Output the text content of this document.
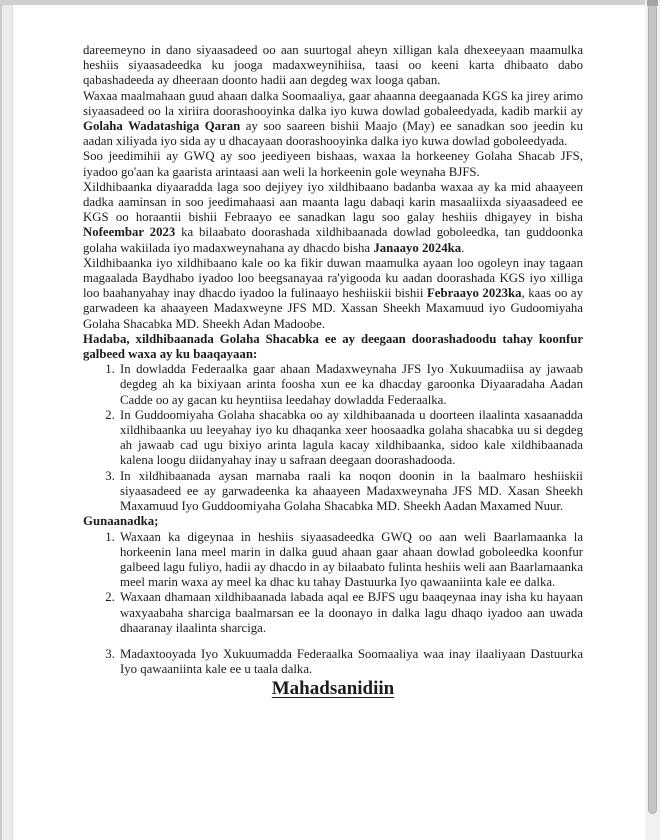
dareemeyno in dano siyaasadeed oo aan suurtogal aheyn xilligan kala dhexeeyaan maamulka heshiis siyaasadeedka ku jooga madaxweynihiisa, taasi oo keeni karta dhibaato dabo qabashadeeda ay dheeraan doonto hadii aan degdeg wax looga qaban.

Waxaa maalmahaan guud ahaan dalka Soomaaliya, gaar ahaanna deegaanada KGS ka jirey arimo siyaasadeed oo la xiriira doorashooyinka dalka iyo kuwa dowlad gobaleedyada, kadib markii ay Golaha Wadatashiga Qaran ay soo saareen bishii Maajo (May) ee sanadkan soo jeedin ku aadan xiliyada iyo sida ay u dhacayaan doorashooyinka dalka iyo kuwa dowlad goboleedyada.

Soo jeedimihii ay GWQ ay soo jeediyeen bishaas, waxaa la horkeeney Golaha Shacab JFS, iyadoo go'aan ka gaarista arintaasi aan weli la horkeenin gole weynaha BJFS.

Xildhibaanka diyaaradda laga soo dejiyey iyo xildhibaano badanba waxaa ay ka mid ahaayeen dadka aaminsan in soo jeedimahaasi aan maanta lagu dabaqi karin masaaliixda siyaasadeed ee KGS oo horaantii bishii Febraayo ee sanadkan lagu soo galay heshiis dhigayey in bisha Nofeembar 2023 ka bilaabato doorashada xildhibaanada dowlad goboleedka, tan guddoonka golaha wakiilada iyo madaxweynahana ay dhacdo bisha Janaayo 2024ka.

Xildhibaanka iyo xildhibaano kale oo ka fikir duwan maamulka ayaan loo ogoleyn inay tagaan magaalada Baydhabo iyadoo loo beegsanayaa ra'yigooda ku aadan doorashada KGS iyo xilliga loo baahanyahay inay dhacdo iyadoo la fulinaayo heshiiskii bishii Febraayo 2023ka, kaas oo ay garwadeen ka ahaayeen Madaxweyne JFS MD. Xassan Sheekh Maxamuud iyo Gudoomiyaha Golaha Shacabka MD. Sheekh Adan Madoobe.

Hadaba, xildhibaanada Golaha Shacabka ee ay deegaan doorashadoodu tahay koonfur galbeed waxa ay ku baaqayaan:

1. In dowladda Federaalka gaar ahaan Madaxweynaha JFS Iyo Xukuumadiisa ay jawaab degdeg ah ka bixiyaan arinta foosha xun ee ka dhacday garoonka Diyaaradaha Aadan Cadde oo ay gacan ku heyntiisa leedahay dowladda Federaalka.
2. In Guddoomiyaha Golaha shacabka oo ay xildhibaanada u doorteen ilaalinta xasaanadda xildhibaanka uu leeyahay iyo ku dhaqanka xeer hoosaadka golaha shacabka uu si degdeg ah jawaab cad ugu bixiyo arinta lagula kacay xildhibaanka, sidoo kale xildhibaanada kalena loogu diidanyahay inay u safraan deegaan doorashadooda.
3. In xildhibaanada aysan marnaba raali ka noqon doonin in la baalmaro heshiiskii siyaasadeed ee ay garwadeenka ka ahaayeen Madaxweynaha JFS MD. Xasan Sheekh Maxamuud Iyo Guddoomiyaha Golaha Shacabka MD. Sheekh Aadan Maxamed Nuur.

Gunaanadka;

1. Waxaan ka digeynaa in heshiis siyaasadeedka GWQ oo aan weli Baarlamaanka la horkeenin lana meel marin in dalka guud ahaan gaar ahaan dowlad goboleedka koonfur galbeed lagu fuliyo, hadii ay dhacdo in ay bilaabato fulinta heshiis weli aan Baarlamaanka meel marin waxa ay meel ka dhac ku tahay Dastuurka Iyo qawaaniinta kale ee dalka.
2. Waxaan dhamaan xildhibaanada labada aqal ee BJFS ugu baaqeynaa inay isha ku hayaan waxyaabaha sharciga baalmarsan ee la doonayo in dalka lagu dhaqo iyadoo aan uwada dhaaranay ilaalinta sharciga.
3. Madaxtooyada Iyo Xukuumadda Federaalka Soomaaliya waa inay ilaaliyaan Dastuurka Iyo qawaaniinta kale ee u taala dalka.

Mahadsanidiin
